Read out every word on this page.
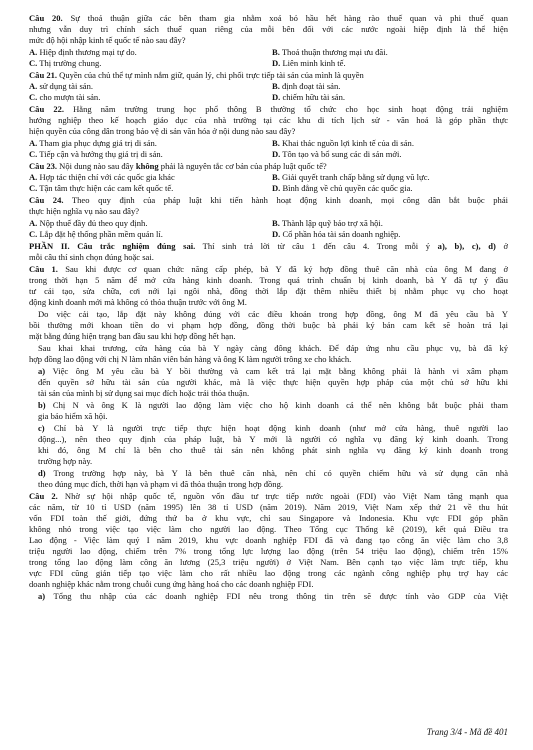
Câu 20. Sự thoả thuận giữa các bên tham gia nhằm xoá bỏ hầu hết hàng rào thuế quan và phi thuế quan
nhưng vẫn duy trì chính sách thuế quan riêng của mỗi bên đối với các nước ngoài hiệp định là thể hiện
mức độ hội nhập kinh tế quốc tế nào sau đây?
A. Hiệp định thương mại tự do.	B. Thoả thuận thương mại ưu đãi.
C. Thị trường chung.	D. Liên minh kinh tế.
Câu 21. Quyền của chủ thể tự mình nắm giữ, quản lý, chi phối trực tiếp tài sản của mình là quyền
A. sử dụng tài sản.	B. định đoạt tài sản.
C. cho mượn tài sản.	D. chiếm hữu tài sản.
Câu 22. Hằng năm trường trung học phổ thông B thường tổ chức cho học sinh hoạt động trải nghiệm
hướng nghiệp theo kế hoạch giáo dục của nhà trường tại các khu di tích lịch sử - văn hoá là góp phần thực
hiện quyền của công dân trong bảo vệ di sản văn hóa ở nội dung nào sau đây?
A. Tham gia phục dựng giá trị di sản.	B. Khai thác nguồn lợi kinh tế của di sản.
C. Tiếp cận và hưởng thụ giá trị di sản.	D. Tôn tạo và bổ sung các di sản mới.
Câu 23. Nội dung nào sau đây không phải là nguyên tắc cơ bản của pháp luật quốc tế?
A. Hợp tác thiện chí với các quốc gia khác	B. Giải quyết tranh chấp bằng sử dụng vũ lực.
C. Tận tâm thực hiện các cam kết quốc tế.	D. Bình đẳng về chủ quyền các quốc gia.
Câu 24. Theo quy định của pháp luật khi tiến hành hoạt động kinh doanh, mọi công dân bắt buộc phải
thực hiện nghĩa vụ nào sau đây?
A. Nộp thuế đầy đủ theo quy định.	B. Thành lập quỹ bảo trợ xã hội.
C. Lắp đặt hệ thống phần mềm quản lí.	D. Cổ phần hóa tài sản doanh nghiệp.
PHẦN II. Câu trắc nghiệm đúng sai. Thí sinh trả lời từ câu 1 đến câu 4. Trong mỗi ý a), b), c), d) ở
mỗi câu thí sinh chọn đúng hoặc sai.
Câu 1. Sau khi được cơ quan chức năng cấp phép, bà Y đã ký hợp đồng thuê căn nhà của ông M đang ở
trong thời hạn 5 năm để mở cửa hàng kinh doanh. Trong quá trình chuẩn bị kinh doanh, bà Y đã tự ý đầu
tư cải tạo, sửa chữa, cơi nới lại ngôi nhà, đồng thời lắp đặt thêm nhiều thiết bị nhằm phục vụ cho hoạt
động kinh doanh mới mà không có thỏa thuận trước với ông M.
Do việc cải tạo, lắp đặt này không đúng với các điều khoản trong hợp đồng, ông M đã yêu cầu bà Y
bồi thường mới khoan tiền do vi phạm hợp đồng, đồng thời buộc bà phải ký bản cam kết sẽ hoàn trả lại
mặt bằng đúng hiện trạng ban đầu sau khi hợp đồng hết hạn.
Sau khai khai trương, cửa hàng của bà Y ngày càng đông khách. Để đáp ứng nhu cầu phục vụ, bà đã ký
hợp đồng lao động với chị N làm nhân viên bán hàng và ông K làm người trông xe cho khách.
a) Việc ông M yêu cầu bà Y bồi thường và cam kết trả lại mặt bằng không phải là hành vi xâm phạm
đến quyền sở hữu tài sản của người khác, mà là việc thực hiện quyền hợp pháp của một chủ sở hữu khi
tài sản của mình bị sử dụng sai mục đích hoặc trái thỏa thuận.
b) Chị N và ông K là người lao động làm việc cho hộ kinh doanh cá thể nên không bắt buộc phải tham
gia bảo hiểm xã hội.
c) Chỉ bà Y là người trực tiếp thực hiện hoạt động kinh doanh (như mở cửa hàng, thuê người lao
động...), nên theo quy định của pháp luật, bà Y mới là người có nghĩa vụ đăng ký kinh doanh. Trong
khi đó, ông M chỉ là bên cho thuê tài sản nên không phát sinh nghĩa vụ đăng ký kinh doanh trong
trường hợp này.
d) Trong trường hợp này, bà Y là bên thuê căn nhà, nên chỉ có quyền chiếm hữu và sử dụng căn nhà
theo đúng mục đích, thời hạn và phạm vi đã thỏa thuận trong hợp đồng.
Câu 2. Nhờ sự hội nhập quốc tế, nguồn vốn đầu tư trực tiếp nước ngoài (FDI) vào Việt Nam tăng mạnh qua
các năm, từ 10 tỉ USD (năm 1995) lên 38 tỉ USD (năm 2019). Năm 2019, Việt Nam xếp thứ 21 về thu hút
vốn FDI toàn thế giới, đứng thứ ba ở khu vực, chỉ sau Singapore và Indonesia. Khu vực FDI góp phần
không nhỏ trong việc tạo việc làm cho người lao động. Theo Tổng cục Thống kê (2019), kết quả Điều tra
Lao động - Việc làm quý I năm 2019, khu vực doanh nghiệp FDI đã và đang tạo công ăn việc làm cho 3,8
triệu người lao động, chiếm trên 7% trong tổng lực lượng lao động (trên 54 triệu lao động), chiếm trên 15%
trong tổng lao động làm công ăn lương (25,3 triệu người) ở Việt Nam. Bên cạnh tạo việc làm trực tiếp, khu
vực FDI cũng gián tiếp tạo việc làm cho rất nhiều lao động trong các ngành công nghiệp phụ trợ hay các
doanh nghiệp khác nằm trong chuỗi cung ứng hàng hoá cho các doanh nghiệp FDI.
a) Tổng thu nhập của các doanh nghiệp FDI nêu trong thông tin trên sẽ được tính vào GDP của Việt
Trang 3/4 - Mã đề 401
